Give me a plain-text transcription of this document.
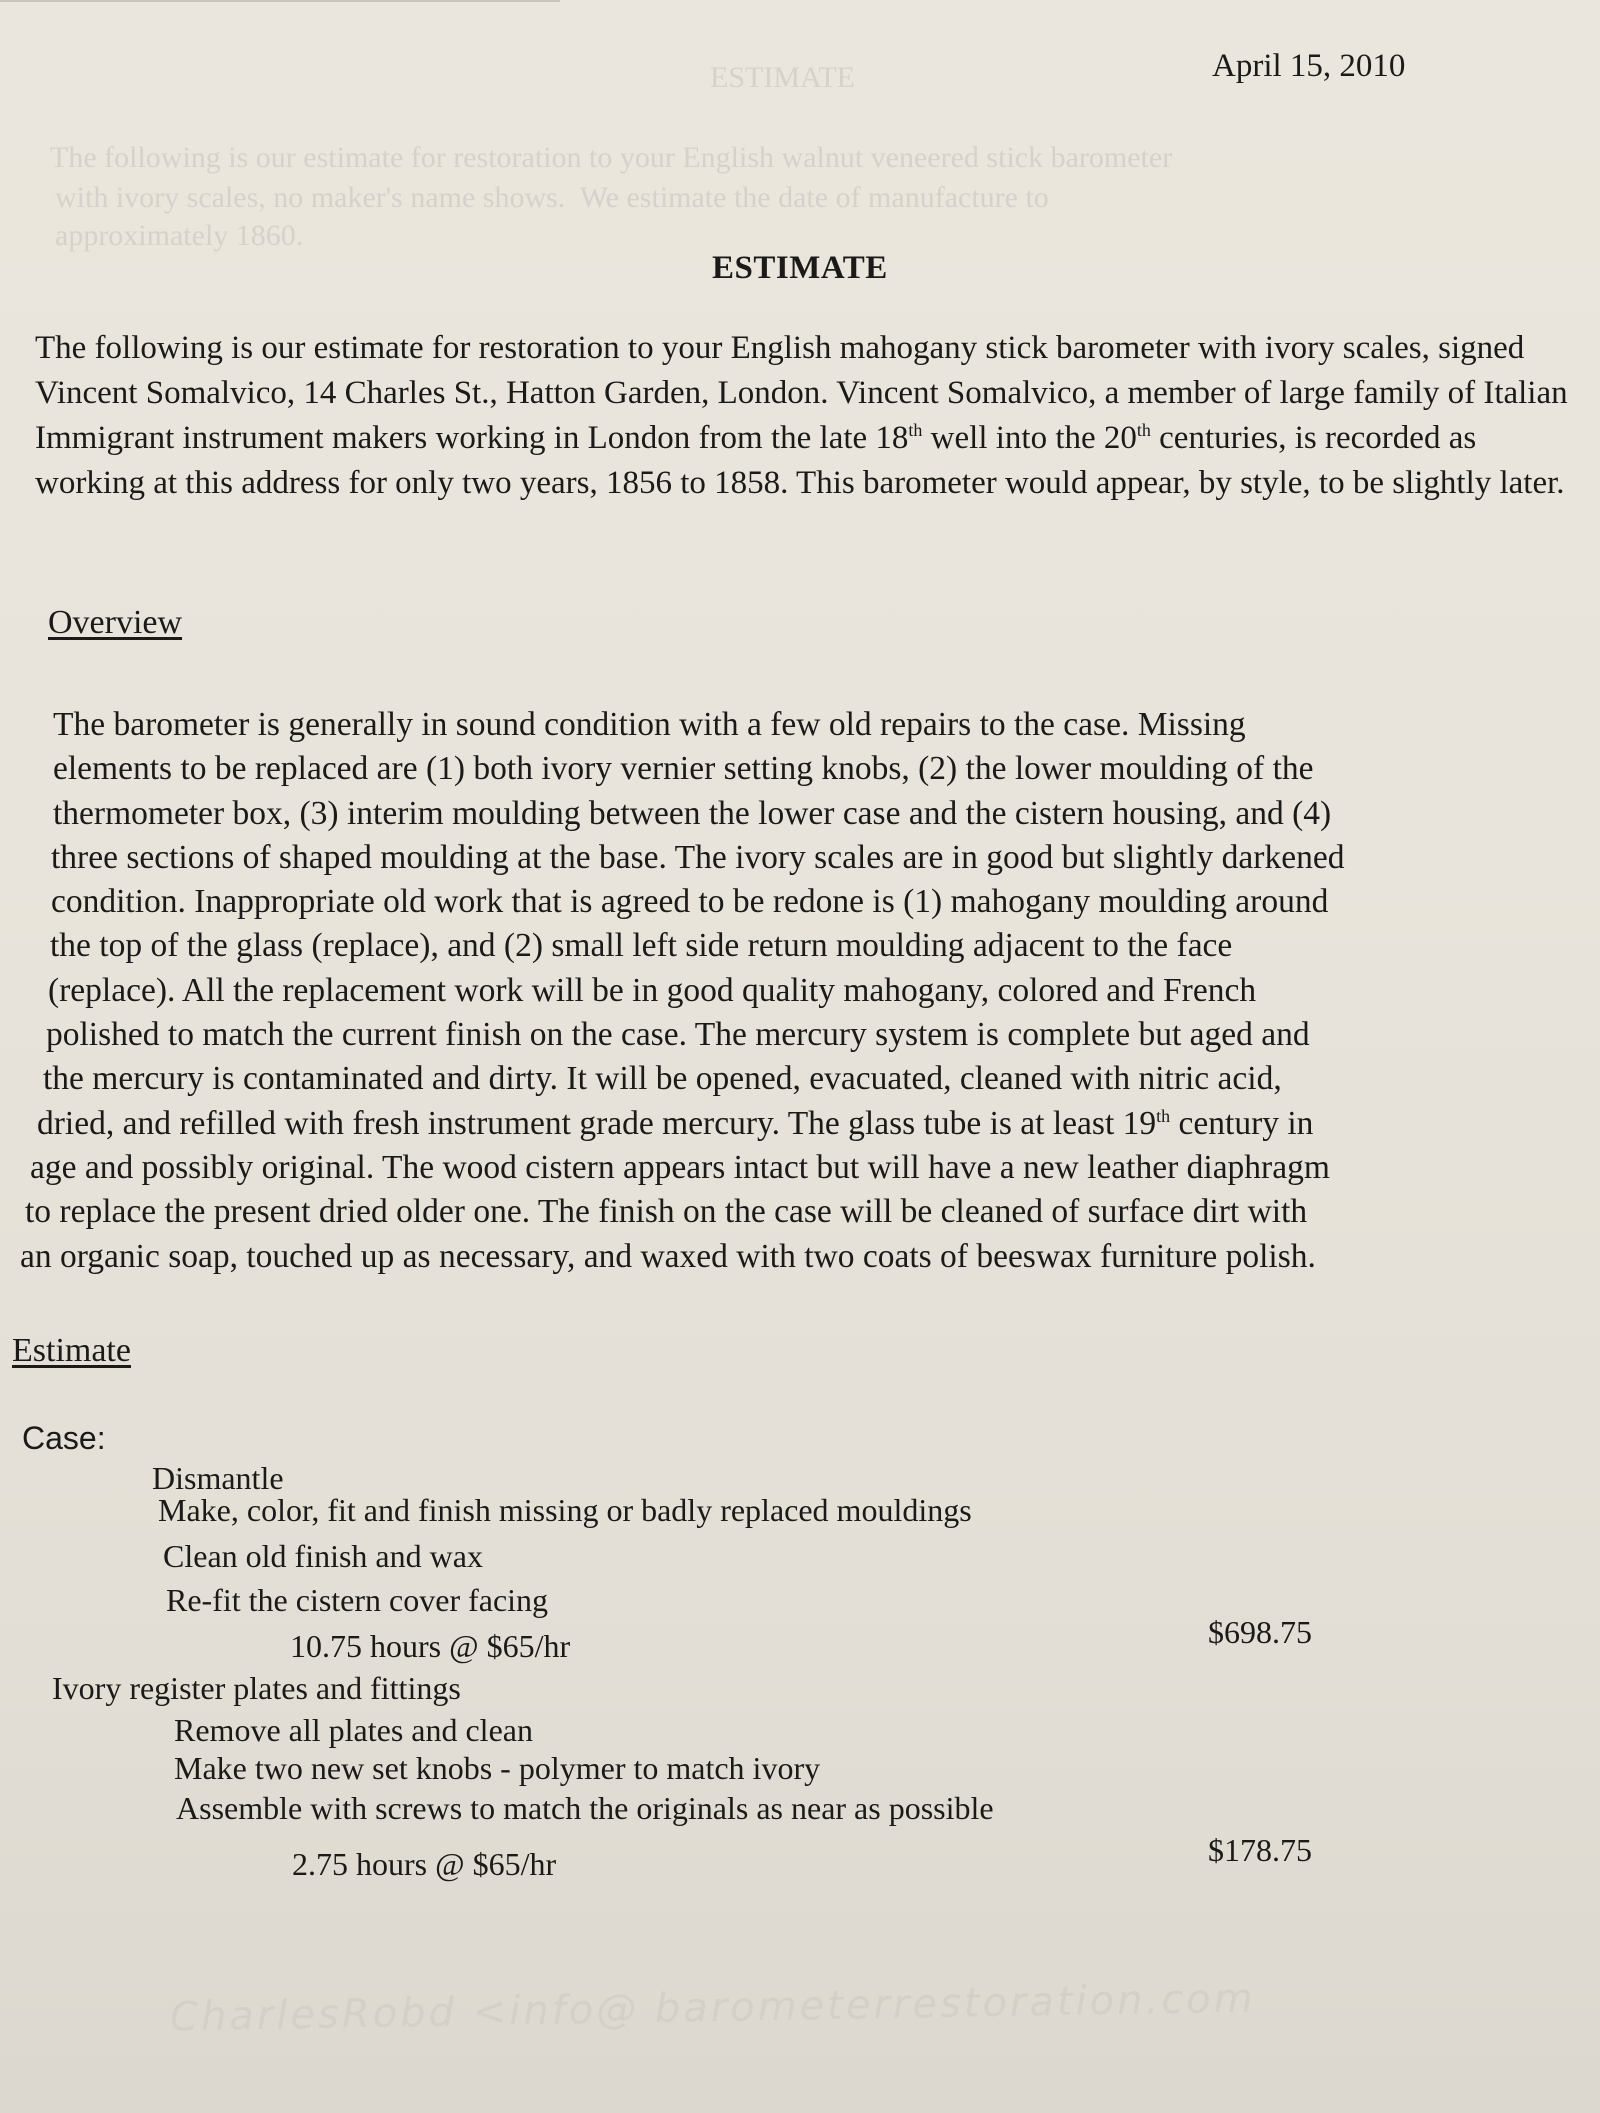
April 15, 2010
ESTIMATE
The following is our estimate for restoration to your English walnut veneered stick barometer
with ivory scales, no maker's name shows.  We estimate the date of manufacture to
approximately 1860.
ESTIMATE
The following is our estimate for restoration to your English mahogany stick barometer with ivory scales, signed Vincent Somalvico, 14 Charles St., Hatton Garden, London. Vincent Somalvico, a member of large family of Italian Immigrant instrument makers working in London from the late 18th well into the 20th centuries, is recorded as working at this address for only two years, 1856 to 1858. This barometer would appear, by style, to be slightly later.
Overview
The barometer is generally in sound condition with a few old repairs to the case. Missing
elements to be replaced are (1) both ivory vernier setting knobs, (2) the lower moulding of the
thermometer box, (3) interim moulding between the lower case and the cistern housing, and (4)
three sections of shaped moulding at the base. The ivory scales are in good but slightly darkened
condition. Inappropriate old work that is agreed to be redone is (1) mahogany moulding around
the top of the glass (replace), and (2) small left side return moulding adjacent to the face
(replace). All the replacement work will be in good quality mahogany, colored and French
polished to match the current finish on the case. The mercury system is complete but aged and
the mercury is contaminated and dirty. It will be opened, evacuated, cleaned with nitric acid,
dried, and refilled with fresh instrument grade mercury. The glass tube is at least 19th century in
age and possibly original. The wood cistern appears intact but will have a new leather diaphragm
to replace the present dried older one. The finish on the case will be cleaned of surface dirt with
an organic soap, touched up as necessary, and waxed with two coats of beeswax furniture polish.
Estimate
Case:
Dismantle
Make, color, fit and finish missing or badly replaced mouldings
Clean old finish and wax
Re-fit the cistern cover facing
10.75 hours @ $65/hr	$698.75
Ivory register plates and fittings
Remove all plates and clean
Make two new set knobs - polymer to match ivory
Assemble with screws to match the originals as near as possible
2.75 hours @ $65/hr	$178.75
CharlesRobd <info@ barometerrestoration.com
